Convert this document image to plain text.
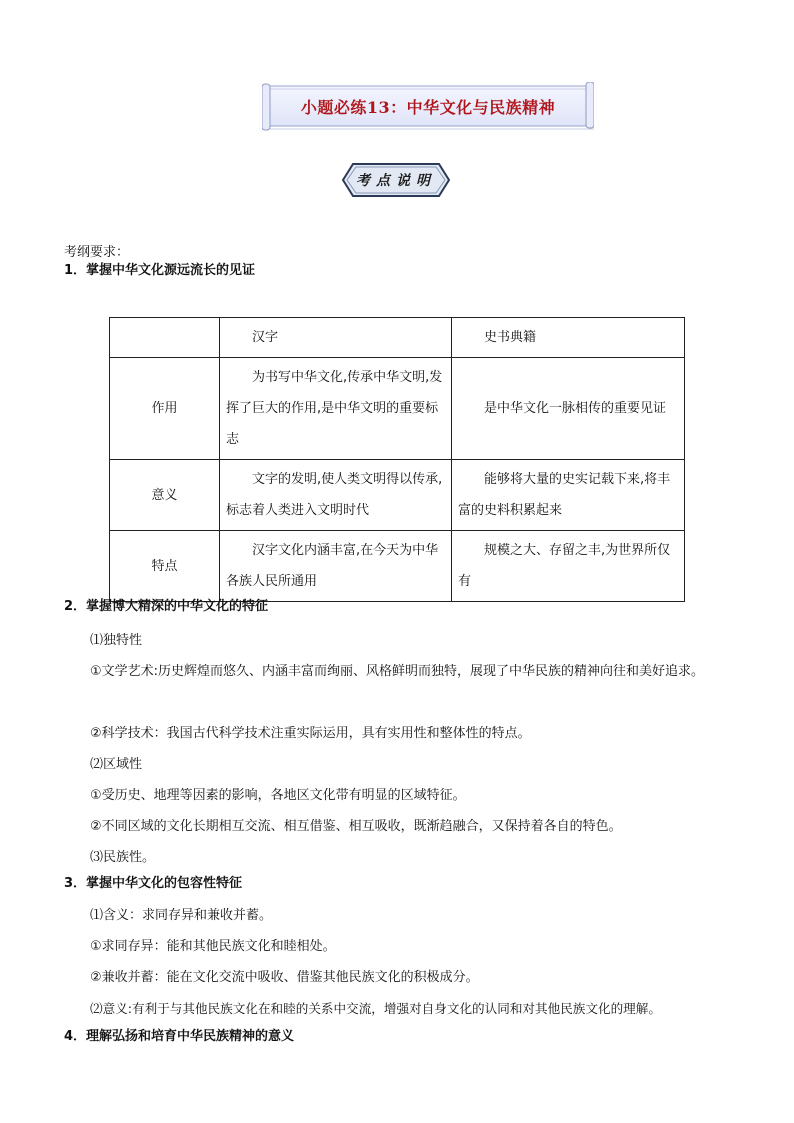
小题必练13：中华文化与民族精神
考点说明
考纲要求：
1．掌握中华文化源远流长的见证
	汉字	史书典籍
作用	为书写中华文化,传承中华文明,发挥了巨大的作用,是中华文明的重要标志	是中华文化一脉相传的重要见证
意义	文字的发明,使人类文明得以传承,标志着人类进入文明时代	能够将大量的史实记载下来,将丰富的史料积累起来
特点	汉字文化内涵丰富,在今天为中华各族人民所通用	规模之大、存留之丰,为世界所仅有
2．掌握博大精深的中华文化的特征
⑴独特性
①文学艺术:历史辉煌而悠久、内涵丰富而绚丽、风格鲜明而独特，展现了中华民族的精神向往和美好追求。
②科学技术：我国古代科学技术注重实际运用，具有实用性和整体性的特点。
⑵区域性
①受历史、地理等因素的影响，各地区文化带有明显的区域特征。
②不同区域的文化长期相互交流、相互借鉴、相互吸收，既渐趋融合，又保持着各自的特色。
⑶民族性。
3．掌握中华文化的包容性特征
⑴含义：求同存异和兼收并蓄。
①求同存异：能和其他民族文化和睦相处。
②兼收并蓄：能在文化交流中吸收、借鉴其他民族文化的积极成分。
⑵意义:有利于与其他民族文化在和睦的关系中交流，增强对自身文化的认同和对其他民族文化的理解。
4．理解弘扬和培育中华民族精神的意义
